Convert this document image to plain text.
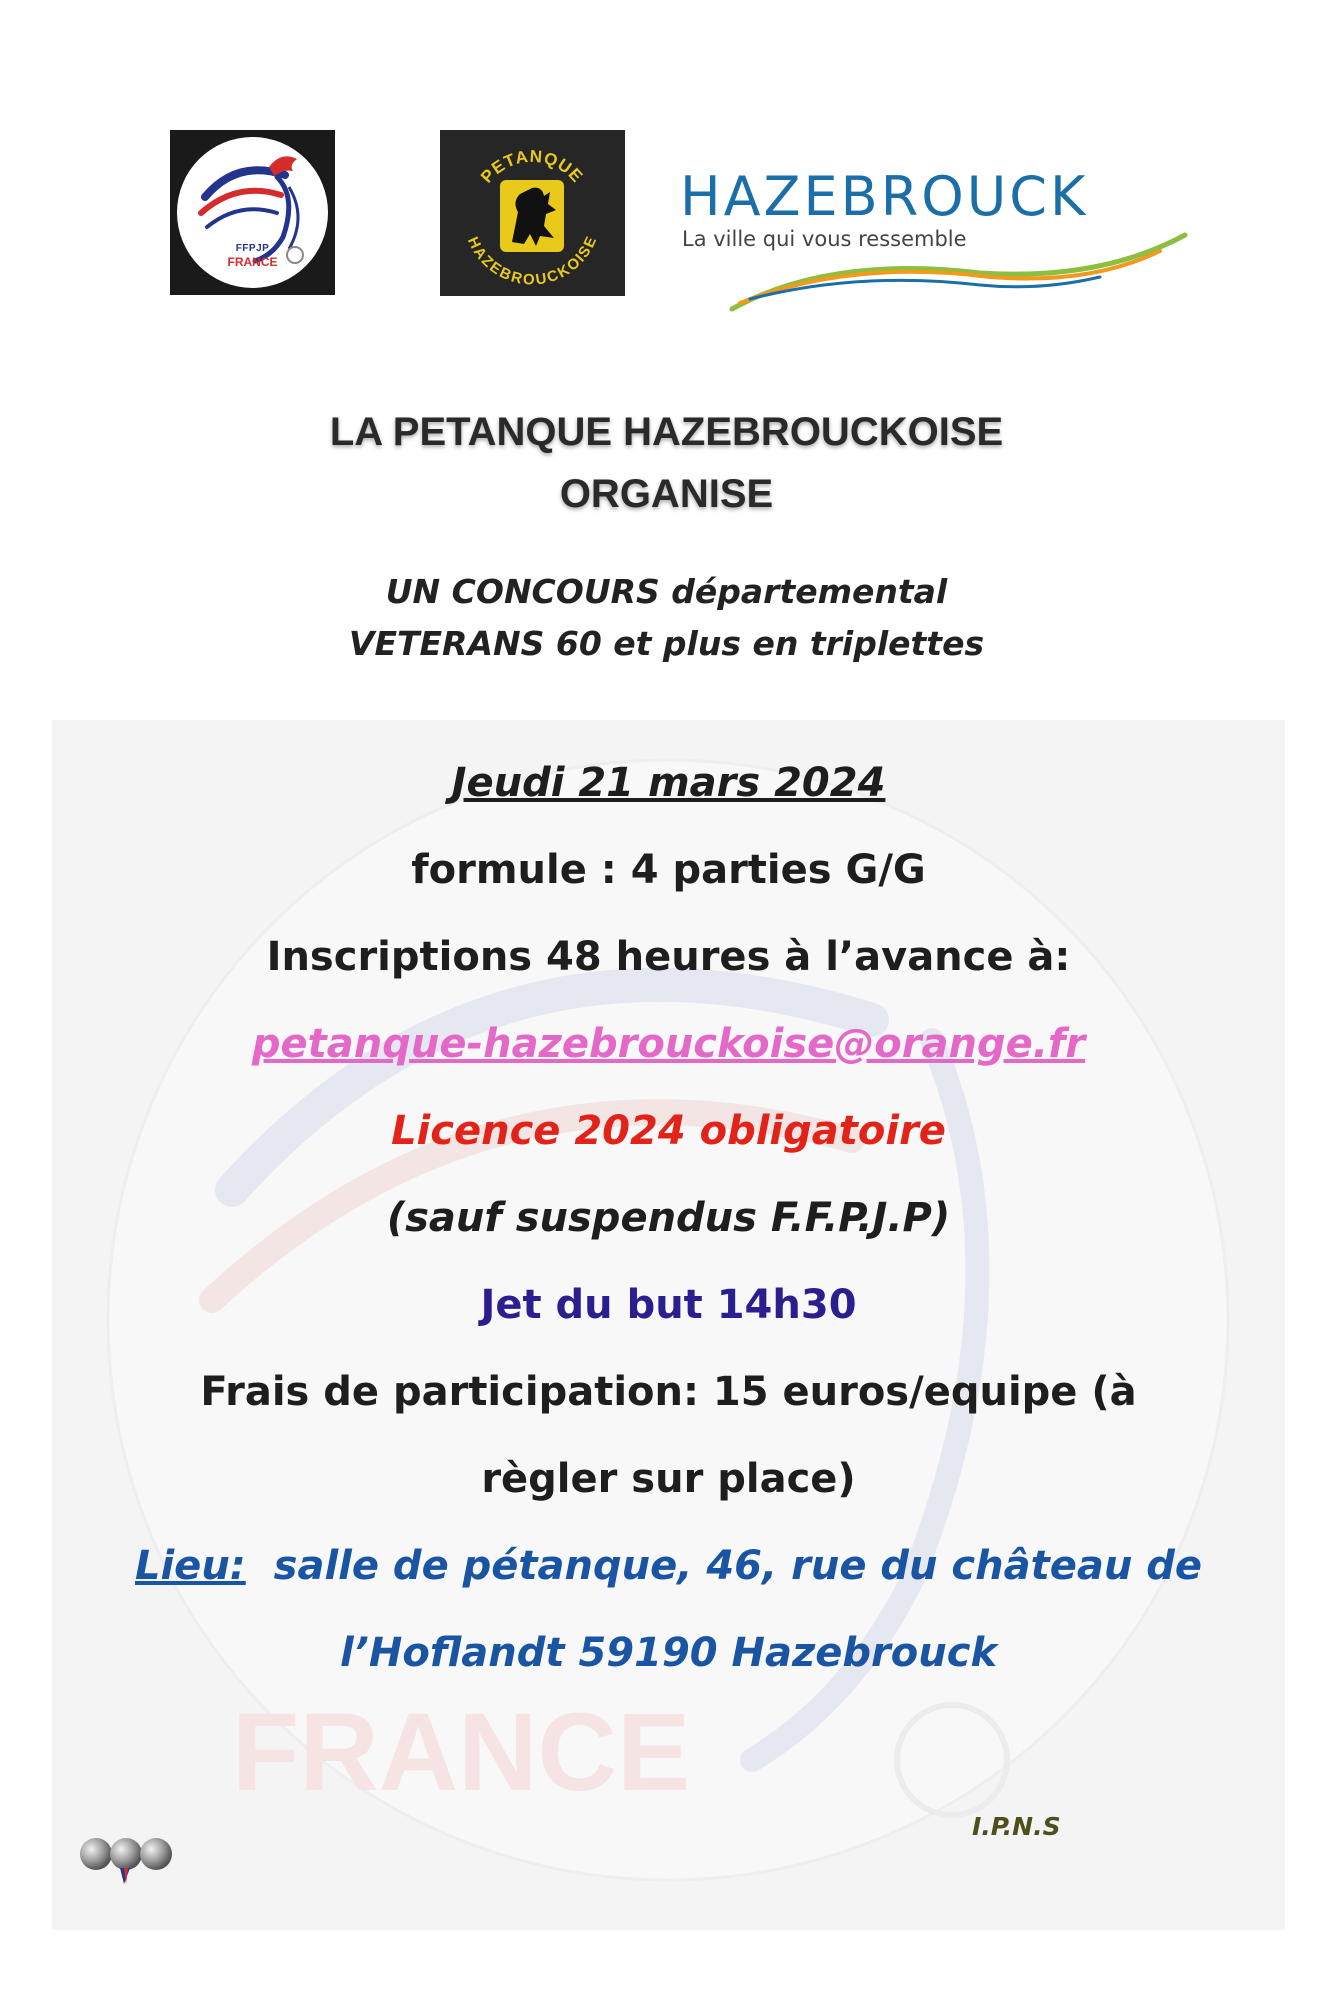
FFPJP
FRANCE
PETANQUE
HAZEBROUCKOISE
HAZEBROUCK
La ville qui vous ressemble
LA PETANQUE HAZEBROUCKOISE
ORGANISE
UN CONCOURS départemental
VETERANS 60 et plus en triplettes
FRANCE
Jeudi 21 mars 2024
formule : 4 parties G/G
Inscriptions 48 heures à l’avance à:
petanque-hazebrouckoise@orange.fr
Licence 2024 obligatoire
(sauf suspendus F.F.P.J.P)
Jet du but 14h30
Frais de participation: 15 euros/equipe (à
règler sur place)
Lieu: salle de pétanque, 46, rue du château de
l’Hoflandt 59190 Hazebrouck
I.P.N.S
